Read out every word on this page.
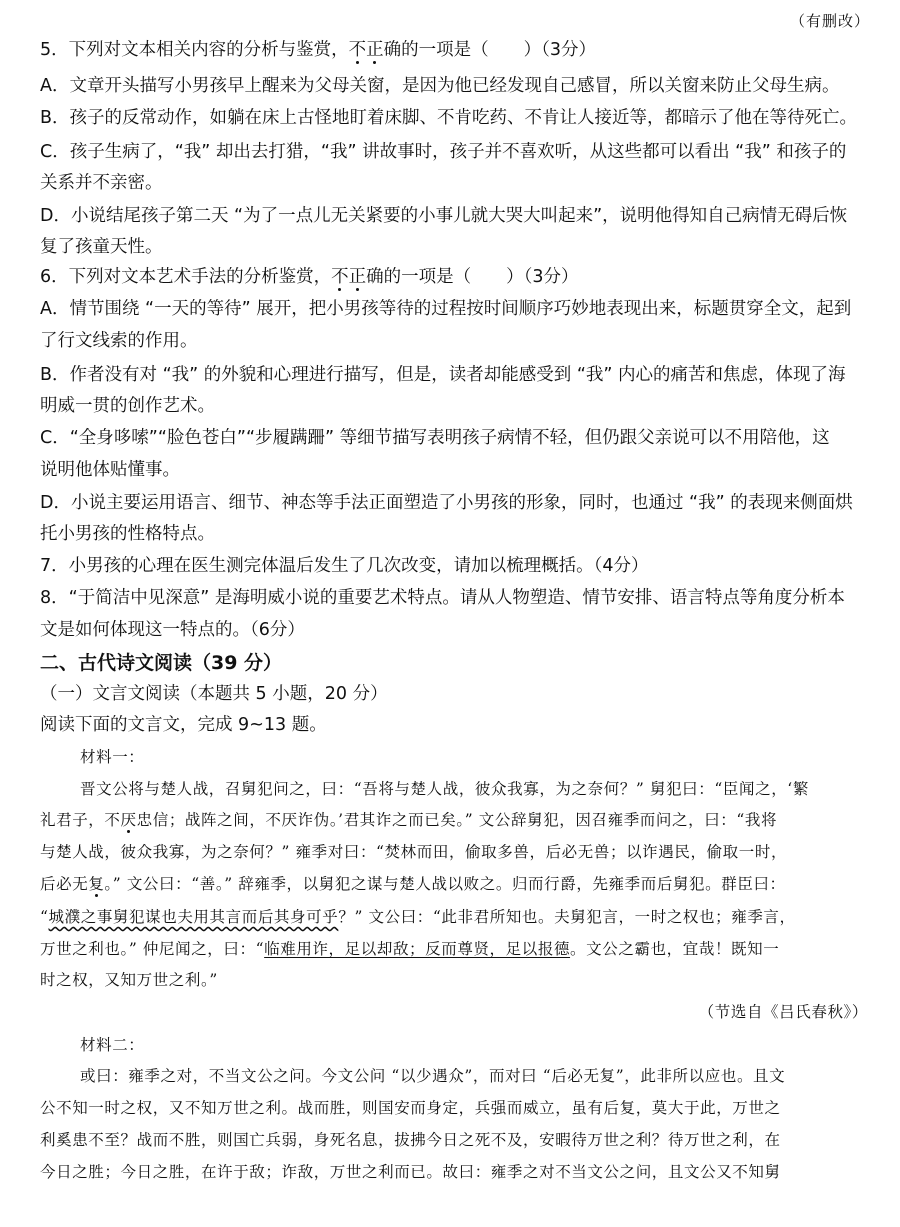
（有删改）
5．下列对文本相关内容的分析与鉴赏，不正确的一项是（　　）（3分）
A．文章开头描写小男孩早上醒来为父母关窗，是因为他已经发现自己感冒，所以关窗来防止父母生病。
B．孩子的反常动作，如躺在床上古怪地盯着床脚、不肯吃药、不肯让人接近等，都暗示了他在等待死亡。
C．孩子生病了，“我” 却出去打猎，“我” 讲故事时，孩子并不喜欢听，从这些都可以看出 “我” 和孩子的
关系并不亲密。
D．小说结尾孩子第二天 “为了一点儿无关紧要的小事儿就大哭大叫起来”，说明他得知自己病情无碍后恢
复了孩童天性。
6．下列对文本艺术手法的分析鉴赏，不正确的一项是（　　）（3分）
A．情节围绕 “一天的等待” 展开，把小男孩等待的过程按时间顺序巧妙地表现出来，标题贯穿全文，起到
了行文线索的作用。
B．作者没有对 “我” 的外貌和心理进行描写，但是，读者却能感受到 “我” 内心的痛苦和焦虑，体现了海
明威一贯的创作艺术。
C．“全身哆嗦”“脸色苍白”“步履蹒跚” 等细节描写表明孩子病情不轻，但仍跟父亲说可以不用陪他，这
说明他体贴懂事。
D．小说主要运用语言、细节、神态等手法正面塑造了小男孩的形象，同时，也通过 “我” 的表现来侧面烘
托小男孩的性格特点。
7．小男孩的心理在医生测完体温后发生了几次改变，请加以梳理概括。（4分）
8．“于简洁中见深意” 是海明威小说的重要艺术特点。请从人物塑造、情节安排、语言特点等角度分析本
文是如何体现这一特点的。（6分）
二、古代诗文阅读（39 分）
（一）文言文阅读（本题共 5 小题，20 分）
阅读下面的文言文，完成 9~13 题。
材料一：
晋文公将与楚人战，召舅犯问之，曰：“吾将与楚人战，彼众我寡，为之奈何？” 舅犯曰：“臣闻之，‘繁
礼君子，不厌忠信；战阵之间，不厌诈伪。’君其诈之而已矣。” 文公辞舅犯，因召雍季而问之，曰：“我将
与楚人战，彼众我寡，为之奈何？” 雍季对曰：“焚林而田，偷取多兽，后必无兽；以诈遇民，偷取一时，
后必无复。” 文公曰：“善。” 辞雍季，以舅犯之谋与楚人战以败之。归而行爵，先雍季而后舅犯。群臣曰：
“城濮之事舅犯谋也夫用其言而后其身可乎？” 文公曰：“此非君所知也。夫舅犯言，一时之权也；雍季言，
万世之利也。” 仲尼闻之，曰：“临难用诈，足以却敌；反而尊贤，足以报德。文公之霸也，宜哉！既知一
时之权，又知万世之利。”
（节选自《吕氏春秋》）
材料二：
或曰：雍季之对，不当文公之问。今文公问 “以少遇众”，而对曰 “后必无复”，此非所以应也。且文
公不知一时之权，又不知万世之利。战而胜，则国安而身定，兵强而威立，虽有后复，莫大于此，万世之
利奚患不至？战而不胜，则国亡兵弱，身死名息，拔拂今日之死不及，安暇待万世之利？待万世之利，在
今日之胜；今日之胜，在许于敌；诈敌，万世之利而已。故曰：雍季之对不当文公之问，且文公又不知舅
